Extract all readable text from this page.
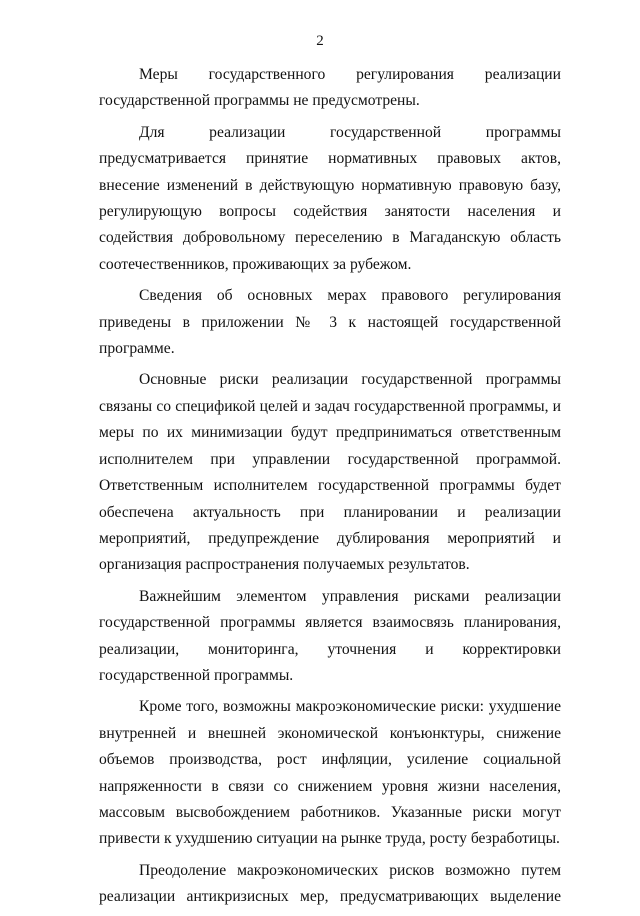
2

Меры государственного регулирования реализации государственной программы не предусмотрены.

Для реализации государственной программы предусматривается принятие нормативных правовых актов, внесение изменений в действующую нормативную правовую базу, регулирующую вопросы содействия занятости населения и содействия добровольному переселению в Магаданскую область соотечественников, проживающих за рубежом.

Сведения об основных мерах правового регулирования приведены в приложении № 3 к настоящей государственной программе.

Основные риски реализации государственной программы связаны со спецификой целей и задач государственной программы, и меры по их минимизации будут предприниматься ответственным исполнителем при управлении государственной программой. Ответственным исполнителем государственной программы будет обеспечена актуальность при планировании и реализации мероприятий, предупреждение дублирования мероприятий и организация распространения получаемых результатов.

Важнейшим элементом управления рисками реализации государственной программы является взаимосвязь планирования, реализации, мониторинга, уточнения и корректировки государственной программы.

Кроме того, возможны макроэкономические риски: ухудшение внутренней и внешней экономической конъюнктуры, снижение объемов производства, рост инфляции, усиление социальной напряженности в связи со снижением уровня жизни населения, массовым высвобождением работников. Указанные риски могут привести к ухудшению ситуации на рынке труда, росту безработицы.

Преодоление макроэкономических рисков возможно путем реализации антикризисных мер, предусматривающих выделение
